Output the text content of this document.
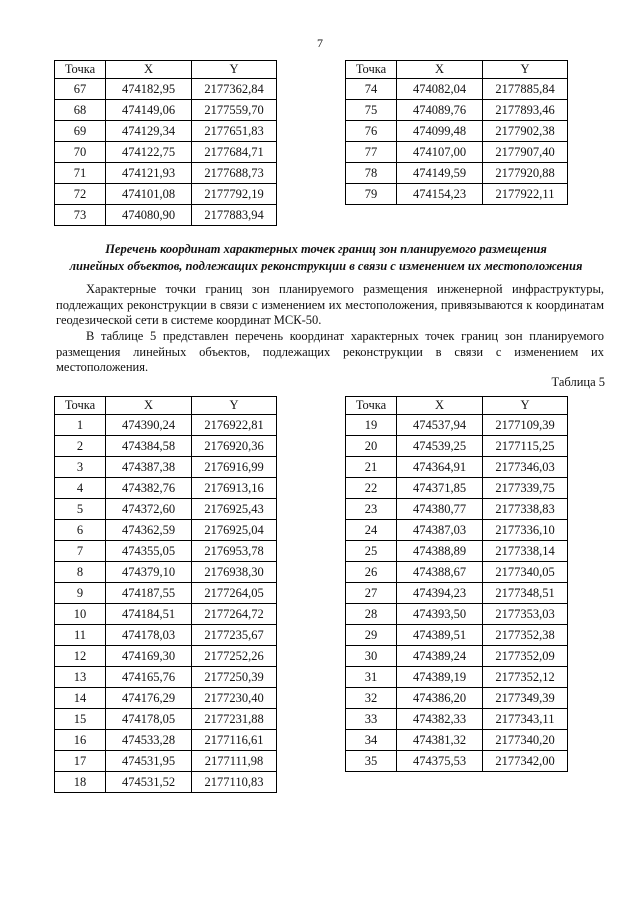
7
Точка	X	Y
67	474182,95	2177362,84
68	474149,06	2177559,70
69	474129,34	2177651,83
70	474122,75	2177684,71
71	474121,93	2177688,73
72	474101,08	2177792,19
73	474080,90	2177883,94
Точка	X	Y
74	474082,04	2177885,84
75	474089,76	2177893,46
76	474099,48	2177902,38
77	474107,00	2177907,40
78	474149,59	2177920,88
79	474154,23	2177922,11
Перечень координат характерных точек границ зон планируемого размещения
линейных объектов, подлежащих реконструкции в связи с изменением их местоположения

Характерные точки границ зон планируемого размещения инженерной инфраструктуры, подлежащих реконструкции в связи с изменением их местоположения, привязываются к координатам геодезической сети в системе координат МСК-50.

В таблице 5 представлен перечень координат характерных точек границ зон планируемого размещения линейных объектов, подлежащих реконструкции в связи с изменением их местоположения.

Таблица 5
Точка	X	Y
1	474390,24	2176922,81
2	474384,58	2176920,36
3	474387,38	2176916,99
4	474382,76	2176913,16
5	474372,60	2176925,43
6	474362,59	2176925,04
7	474355,05	2176953,78
8	474379,10	2176938,30
9	474187,55	2177264,05
10	474184,51	2177264,72
11	474178,03	2177235,67
12	474169,30	2177252,26
13	474165,76	2177250,39
14	474176,29	2177230,40
15	474178,05	2177231,88
16	474533,28	2177116,61
17	474531,95	2177111,98
18	474531,52	2177110,83
Точка	X	Y
19	474537,94	2177109,39
20	474539,25	2177115,25
21	474364,91	2177346,03
22	474371,85	2177339,75
23	474380,77	2177338,83
24	474387,03	2177336,10
25	474388,89	2177338,14
26	474388,67	2177340,05
27	474394,23	2177348,51
28	474393,50	2177353,03
29	474389,51	2177352,38
30	474389,24	2177352,09
31	474389,19	2177352,12
32	474386,20	2177349,39
33	474382,33	2177343,11
34	474381,32	2177340,20
35	474375,53	2177342,00
